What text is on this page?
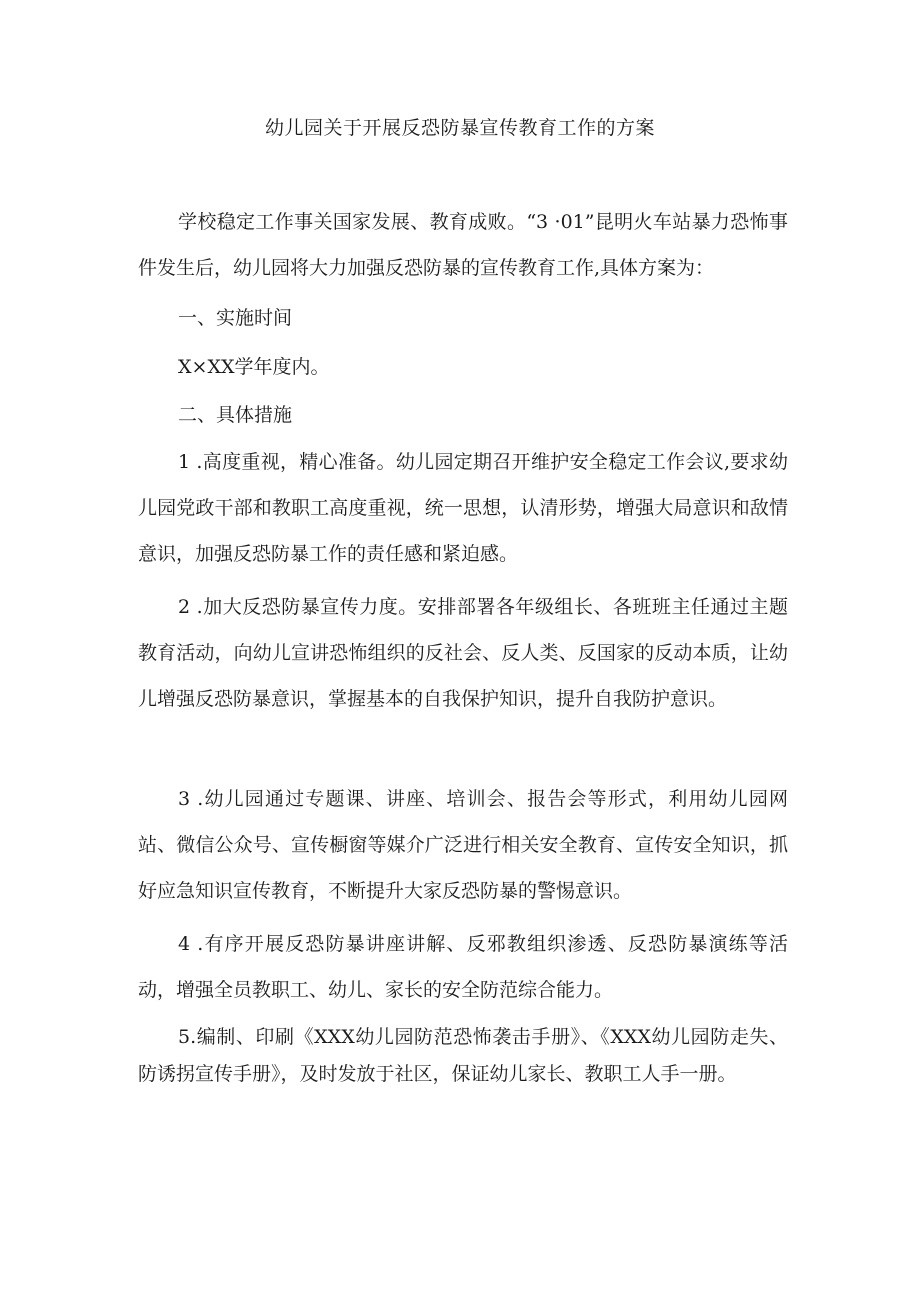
幼儿园关于开展反恐防暴宣传教育工作的方案
学校稳定工作事关国家发展、教育成败。“3 ·01”昆明火车站暴力恐怖事件发生后，幼儿园将大力加强反恐防暴的宣传教育工作,具体方案为：
一、实施时间
X×XX学年度内。
二、具体措施
1 .高度重视，精心准备。幼儿园定期召开维护安全稳定工作会议,要求幼儿园党政干部和教职工高度重视，统一思想，认清形势，增强大局意识和敌情意识，加强反恐防暴工作的责任感和紧迫感。
2 .加大反恐防暴宣传力度。安排部署各年级组长、各班班主任通过主题教育活动，向幼儿宣讲恐怖组织的反社会、反人类、反国家的反动本质，让幼儿增强反恐防暴意识，掌握基本的自我保护知识，提升自我防护意识。
3 .幼儿园通过专题课、讲座、培训会、报告会等形式，利用幼儿园网站、微信公众号、宣传橱窗等媒介广泛进行相关安全教育、宣传安全知识，抓好应急知识宣传教育，不断提升大家反恐防暴的警惕意识。
4 .有序开展反恐防暴讲座讲解、反邪教组织渗透、反恐防暴演练等活动，增强全员教职工、幼儿、家长的安全防范综合能力。
5.编制、印刷《XXX幼儿园防范恐怖袭击手册》、《XXX幼儿园防走失、防诱拐宣传手册》，及时发放于社区，保证幼儿家长、教职工人手一册。
